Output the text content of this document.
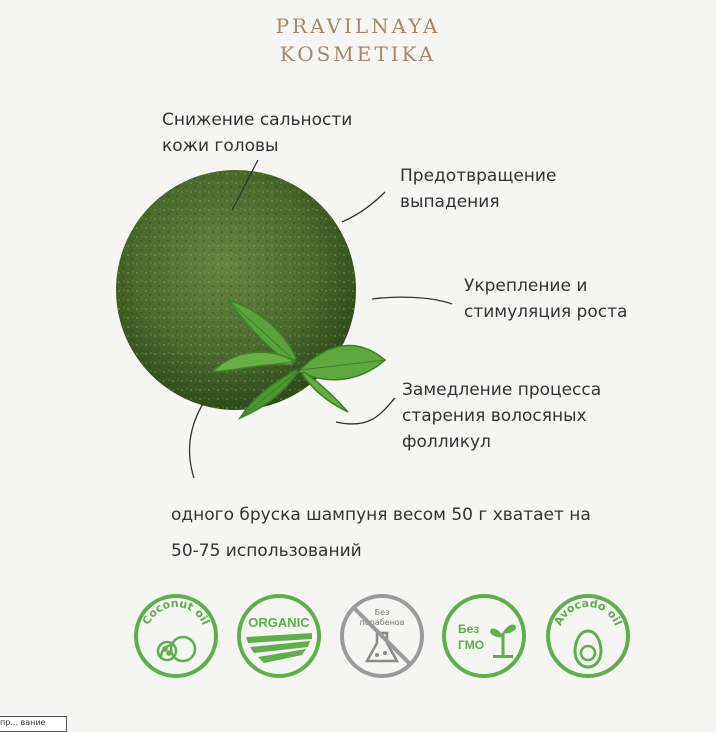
PRAVILNAYA
KOSMETIKA
Снижение сальности
кожи головы
Предотвращение
выпадения
Укрепление и
стимуляция роста
Замедление процесса
старения волосяных
фолликул
одного бруска шампуня весом 50 г хватает на
50-75 использований
Coconut oil	ORGANIC
Без
парабенов	Без
ГМО
Avocado oil
пр... вание
